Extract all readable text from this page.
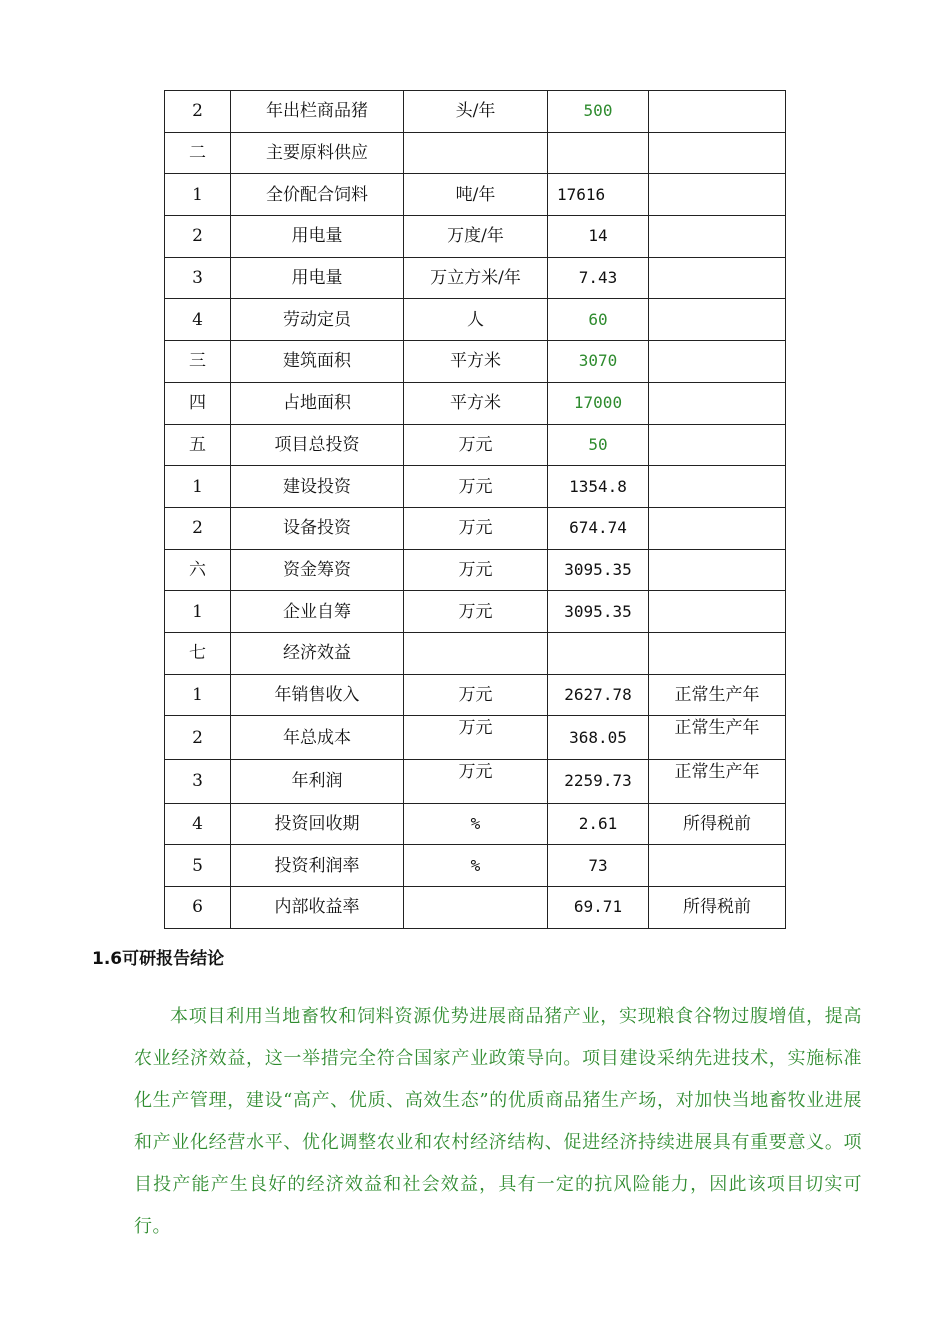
2	年出栏商品猪	头/年	500	
二	主要原料供应			
1	全价配合饲料	吨/年	17616	
2	用电量	万度/年	14	
3	用电量	万立方米/年	7.43	
4	劳动定员	人	60	
三	建筑面积	平方米	3070	
四	占地面积	平方米	17000	
五	项目总投资	万元	50	
1	建设投资	万元	1354.8	
2	设备投资	万元	674.74	
六	资金筹资	万元	3095.35	
1	企业自筹	万元	3095.35	
七	经济效益			
1	年销售收入	万元	2627.78	正常生产年
2	年总成本	万元	368.05	正常生产年
3	年利润	万元	2259.73	正常生产年
4	投资回收期	%	2.61	所得税前
5	投资利润率	%	73	
6	内部收益率		69.71	所得税前
1.6可研报告结论

本项目利用当地畜牧和饲料资源优势进展商品猪产业，实现粮食谷物过腹增值，提高农业经济效益，这一举措完全符合国家产业政策导向。项目建设采纳先进技术，实施标准化生产管理，建设“高产、优质、高效生态”的优质商品猪生产场，对加快当地畜牧业进展和产业化经营水平、优化调整农业和农村经济结构、促进经济持续进展具有重要意义。项目投产能产生良好的经济效益和社会效益，具有一定的抗风险能力，因此该项目切实可行。
